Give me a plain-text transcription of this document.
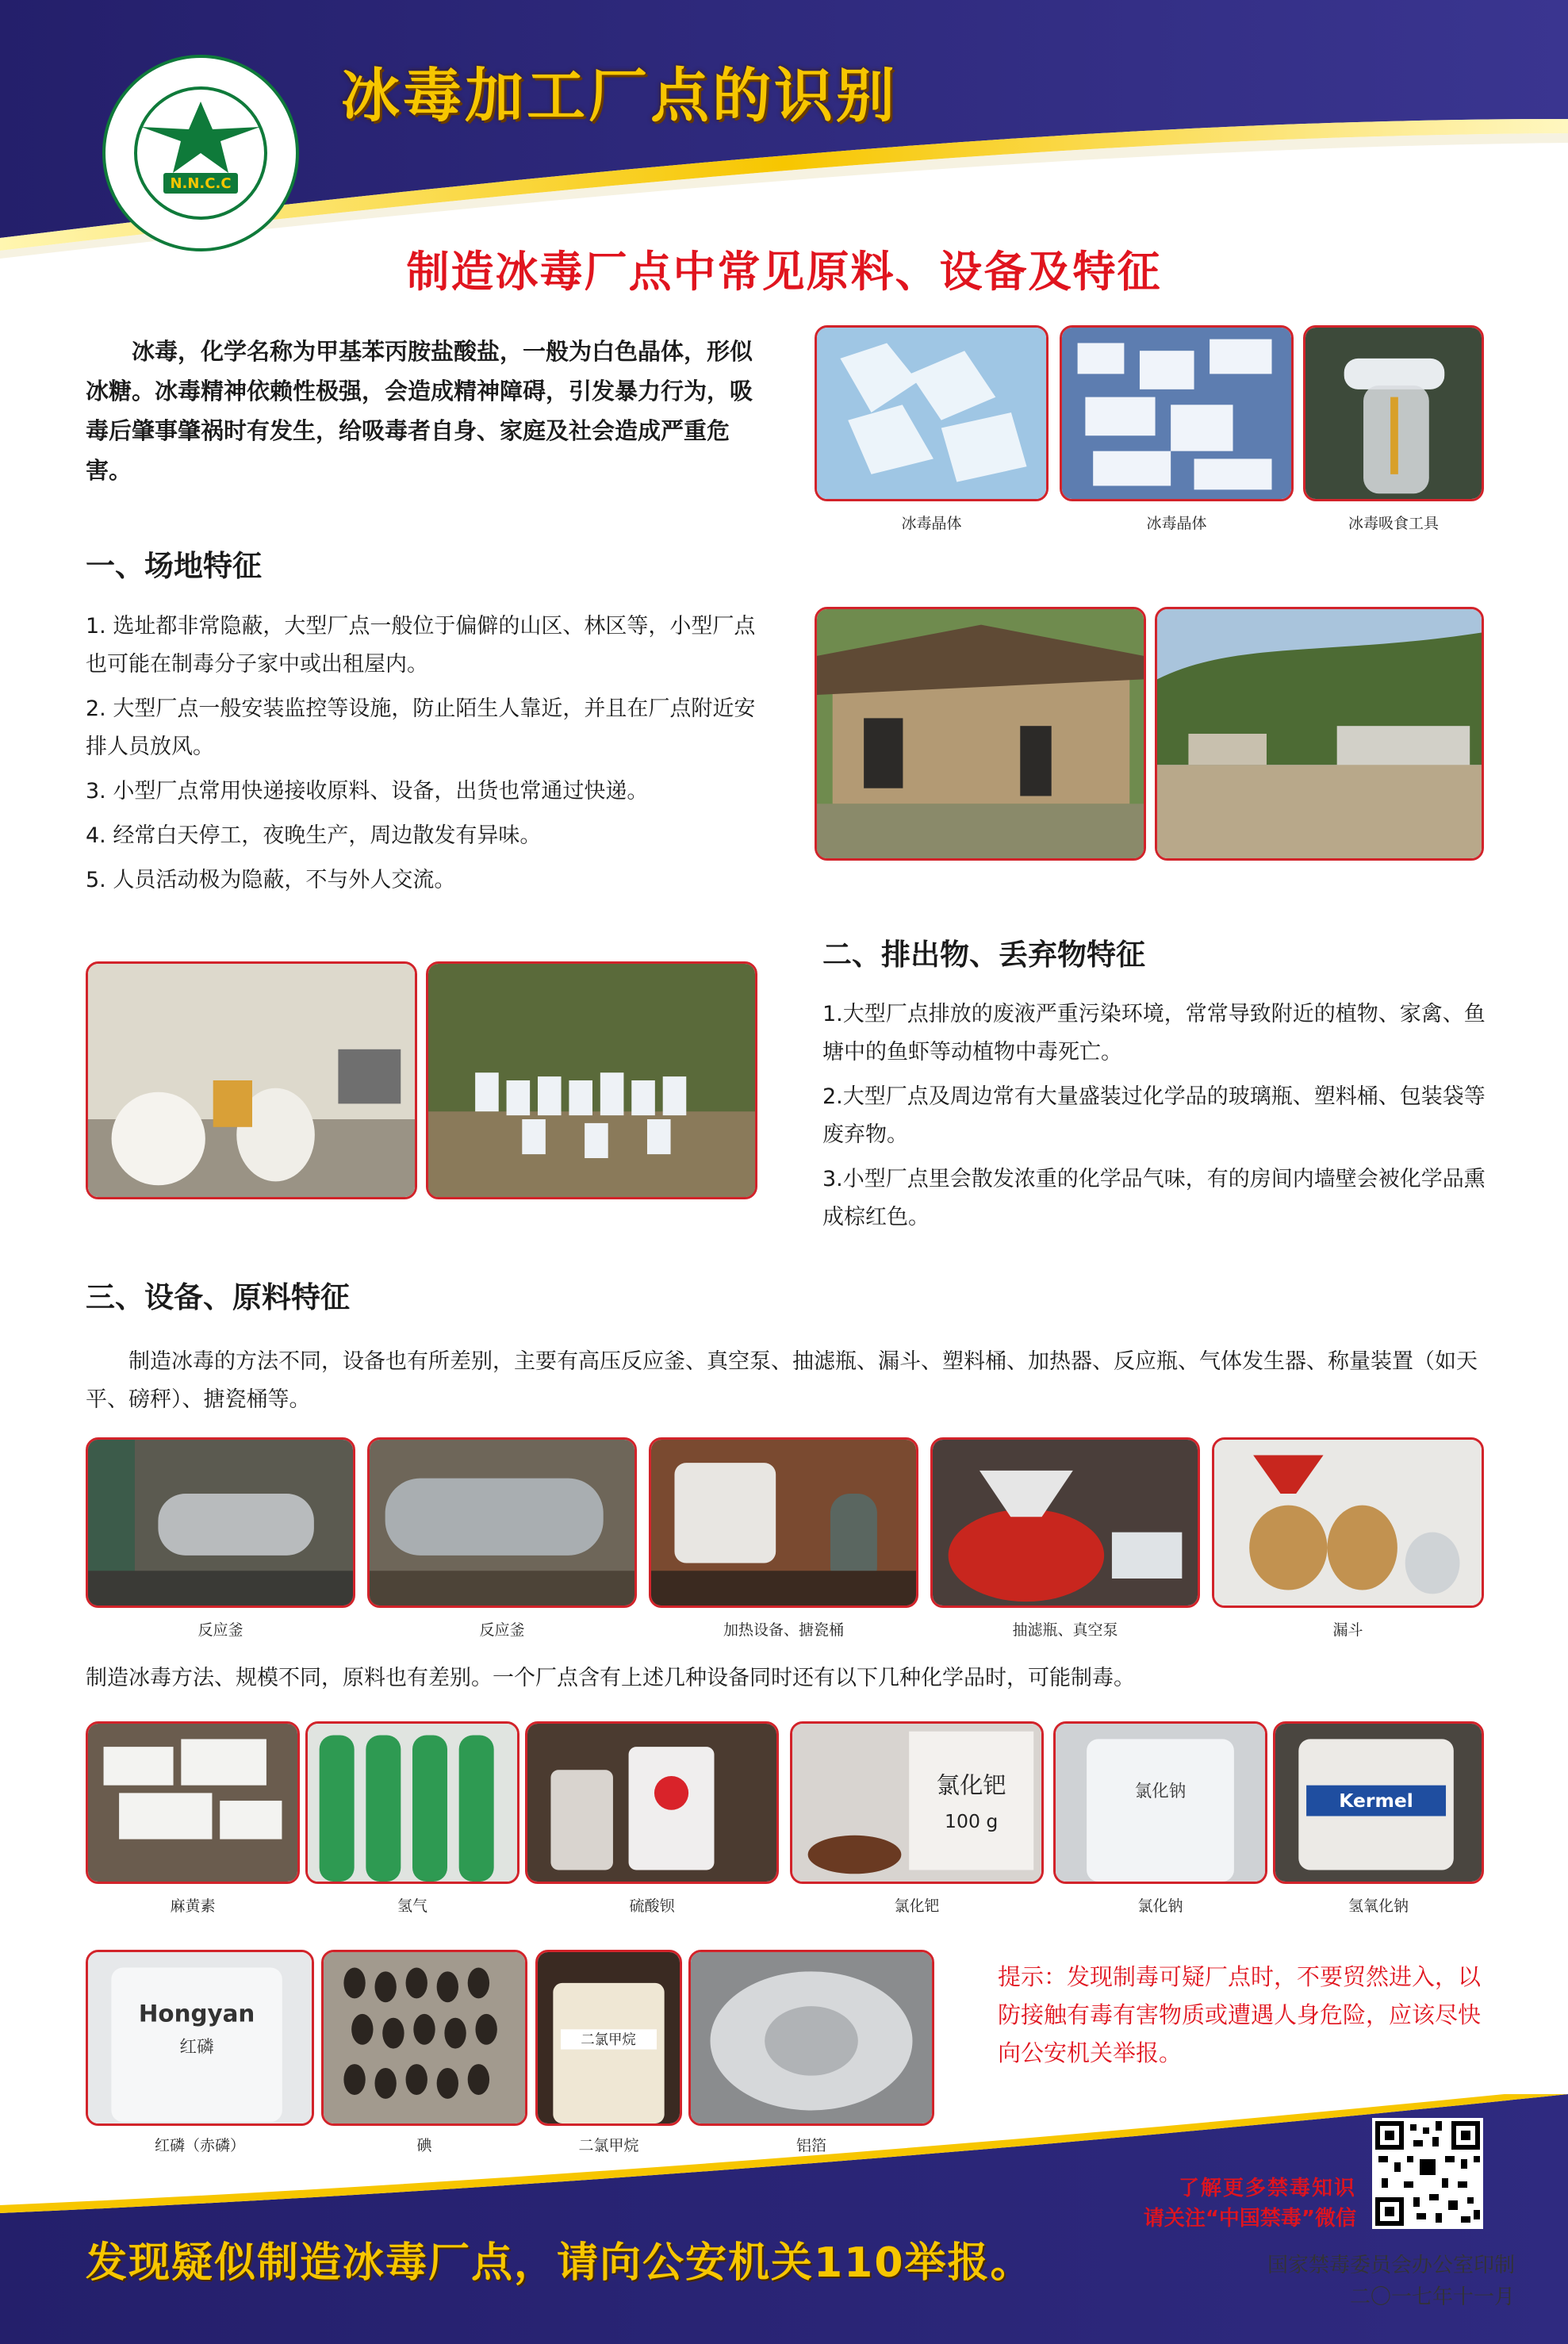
N.N.C.C
冰毒加工厂点的识别
制造冰毒厂点中常见原料、设备及特征
冰毒，化学名称为甲基苯丙胺盐酸盐，一般为白色晶体，形似冰糖。冰毒精神依赖性极强，会造成精神障碍，引发暴力行为，吸毒后肇事肇祸时有发生，给吸毒者自身、家庭及社会造成严重危害。
冰毒晶体	冰毒晶体	冰毒吸食工具
一、场地特征
1. 选址都非常隐蔽，大型厂点一般位于偏僻的山区、林区等，小型厂点也可能在制毒分子家中或出租屋内。
2. 大型厂点一般安装监控等设施，防止陌生人靠近，并且在厂点附近安排人员放风。
3. 小型厂点常用快递接收原料、设备，出货也常通过快递。
4. 经常白天停工，夜晚生产，周边散发有异味。
5. 人员活动极为隐蔽，不与外人交流。
二、排出物、丢弃物特征
1.大型厂点排放的废液严重污染环境，常常导致附近的植物、家禽、鱼塘中的鱼虾等动植物中毒死亡。
2.大型厂点及周边常有大量盛装过化学品的玻璃瓶、塑料桶、包装袋等废弃物。
3.小型厂点里会散发浓重的化学品气味，有的房间内墙壁会被化学品熏成棕红色。
三、设备、原料特征
制造冰毒的方法不同，设备也有所差别，主要有高压反应釜、真空泵、抽滤瓶、漏斗、塑料桶、加热器、反应瓶、气体发生器、称量装置（如天平、磅秤）、搪瓷桶等。
反应釜	反应釜	加热设备、搪瓷桶	抽滤瓶、真空泵	漏斗
制造冰毒方法、规模不同，原料也有差别。一个厂点含有上述几种设备同时还有以下几种化学品时，可能制毒。
氯化钯
100 g
氯化钠	Kermel
麻黄素	氢气	硫酸钡	氯化钯	氯化钠	氢氧化钠
Hongyan
红磷	二氯甲烷
红磷（赤磷）	碘	二氯甲烷	铝箔
提示：发现制毒可疑厂点时，不要贸然进入，以防接触有毒有害物质或遭遇人身危险，应该尽快向公安机关举报。
了解更多禁毒知识
请关注“中国禁毒”微信
发现疑似制造冰毒厂点，请向公安机关110举报。	国家禁毒委员会办公室印制
二〇一七年十一月
